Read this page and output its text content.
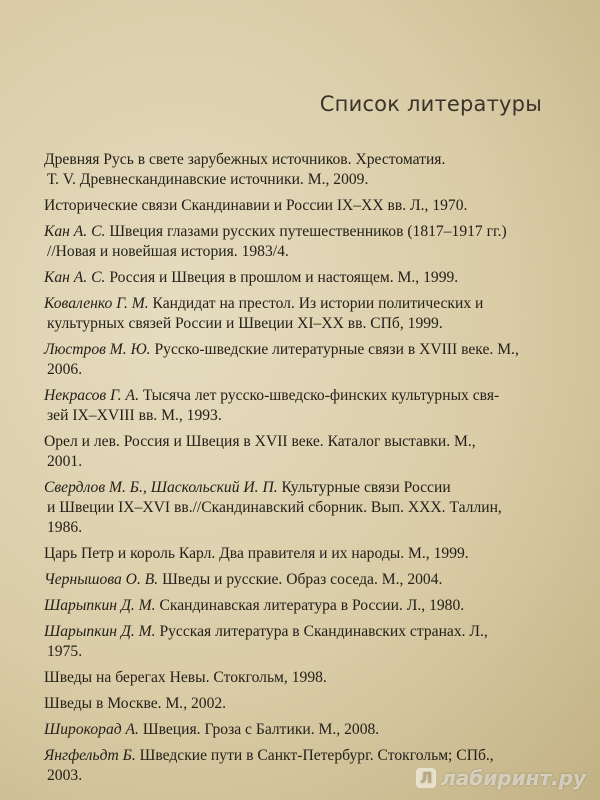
Список литературы
Древняя Русь в свете зарубежных источников. Хрестоматия.
Т. V. Древнескандинавские источники. М., 2009.
Исторические связи Скандинавии и России IX–XX вв. Л., 1970.
Кан А. С. Швеция глазами русских путешественников (1817–1917 гг.)
//Новая и новейшая история. 1983/4.
Кан А. С. Россия и Швеция в прошлом и настоящем. М., 1999.
Коваленко Г. М. Кандидат на престол. Из истории политических и
культурных связей России и Швеции XI–XX вв. СПб, 1999.
Люстров М. Ю. Русско-шведские литературные связи в XVIII веке. М.,
2006.
Некрасов Г. А. Тысяча лет русско-шведско-финских культурных свя-
зей IX–XVIII вв. М., 1993.
Орел и лев. Россия и Швеция в XVII веке. Каталог выставки. М.,
2001.
Свердлов М. Б., Шаскольский И. П. Культурные связи России
и Швеции IX–XVI вв.//Скандинавский сборник. Вып. XXX. Таллин,
1986.
Царь Петр и король Карл. Два правителя и их народы. М., 1999.
Чернышова О. В. Шведы и русские. Образ соседа. М., 2004.
Шарыпкин Д. М. Скандинавская литература в России. Л., 1980.
Шарыпкин Д. М. Русская литература в Скандинавских странах. Л.,
1975.
Шведы на берегах Невы. Стокгольм, 1998.
Шведы в Москве. М., 2002.
Широкорад А. Швеция. Гроза с Балтики. М., 2008.
Янгфельдт Б. Шведские пути в Санкт-Петербург. Стокгольм; СПб.,
2003.	Л лабиринт.ру
